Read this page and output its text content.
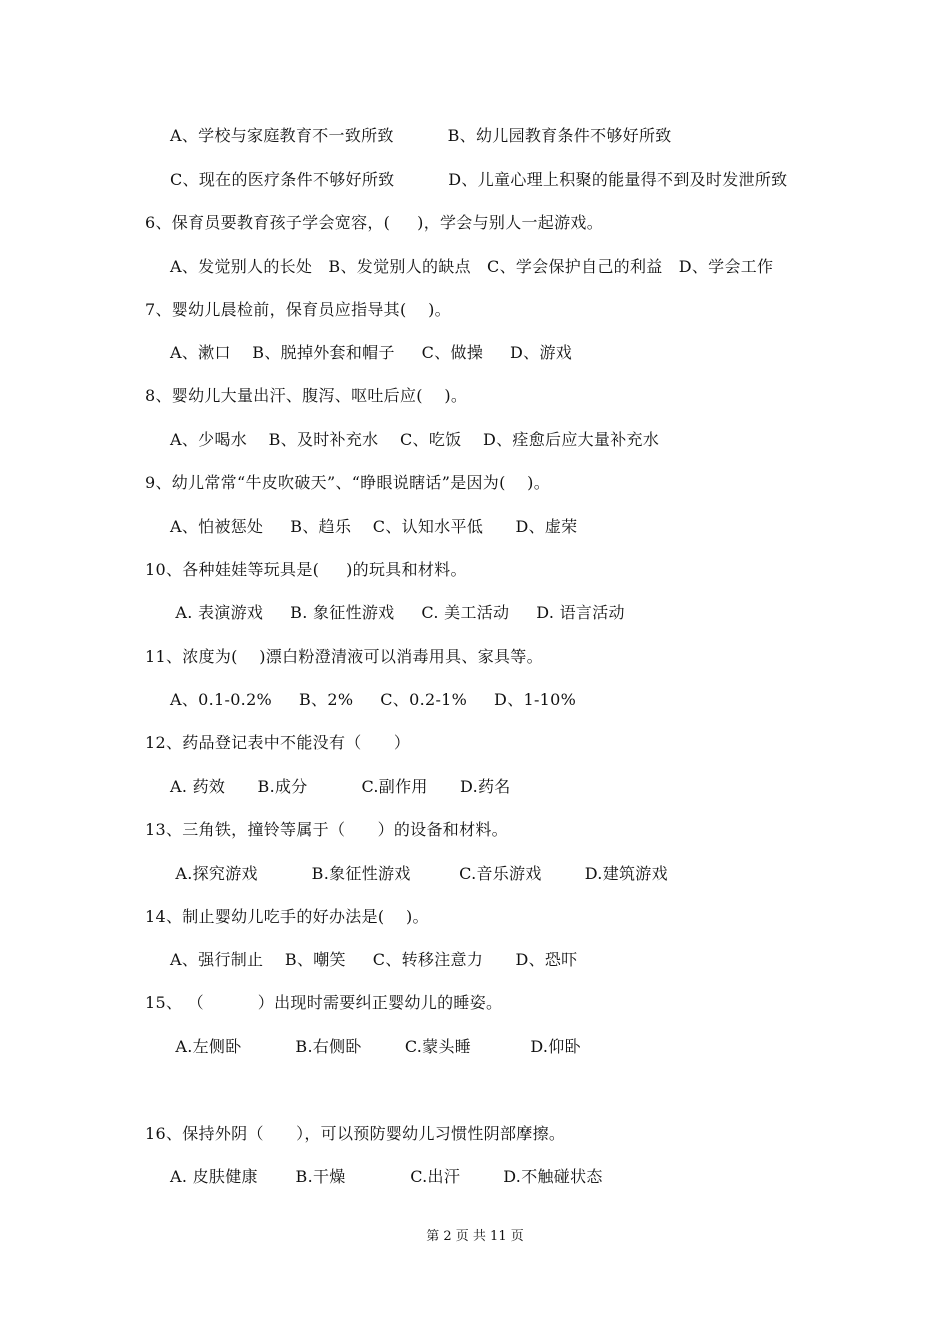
A、学校与家庭教育不一致所致          B、幼儿园教育条件不够好所致
C、现在的医疗条件不够好所致          D、儿童心理上积聚的能量得不到及时发泄所致
6、保育员要教育孩子学会宽容，(     )，学会与别人一起游戏。
A、发觉别人的长处   B、发觉别人的缺点   C、学会保护自己的利益   D、学会工作
7、婴幼儿晨检前，保育员应指导其(    )。
A、漱口    B、脱掉外套和帽子     C、做操     D、游戏
8、婴幼儿大量出汗、腹泻、呕吐后应(    )。
A、少喝水    B、及时补充水    C、吃饭    D、痊愈后应大量补充水
9、幼儿常常“牛皮吹破天”、“睁眼说瞎话”是因为(    )。
A、怕被惩处     B、趋乐    C、认知水平低      D、虚荣
10、各种娃娃等玩具是(     )的玩具和材料。
A. 表演游戏     B. 象征性游戏     C. 美工活动     D. 语言活动
11、浓度为(    )漂白粉澄清液可以消毒用具、家具等。
A、0.1-0.2%     B、2%     C、0.2-1%     D、1-10%
12、药品登记表中不能没有（      ）
A. 药效      B.成分          C.副作用      D.药名
13、三角铁，撞铃等属于（      ）的设备和材料。
A.探究游戏          B.象征性游戏         C.音乐游戏        D.建筑游戏
14、制止婴幼儿吃手的好办法是(    )。
A、强行制止    B、嘲笑     C、转移注意力      D、恐吓
15、 （          ）出现时需要纠正婴幼儿的睡姿。
A.左侧卧          B.右侧卧        C.蒙头睡           D.仰卧
16、保持外阴（      ），可以预防婴幼儿习惯性阴部摩擦。
A. 皮肤健康       B.干燥            C.出汗        D.不触碰状态
第 2 页 共 11 页
